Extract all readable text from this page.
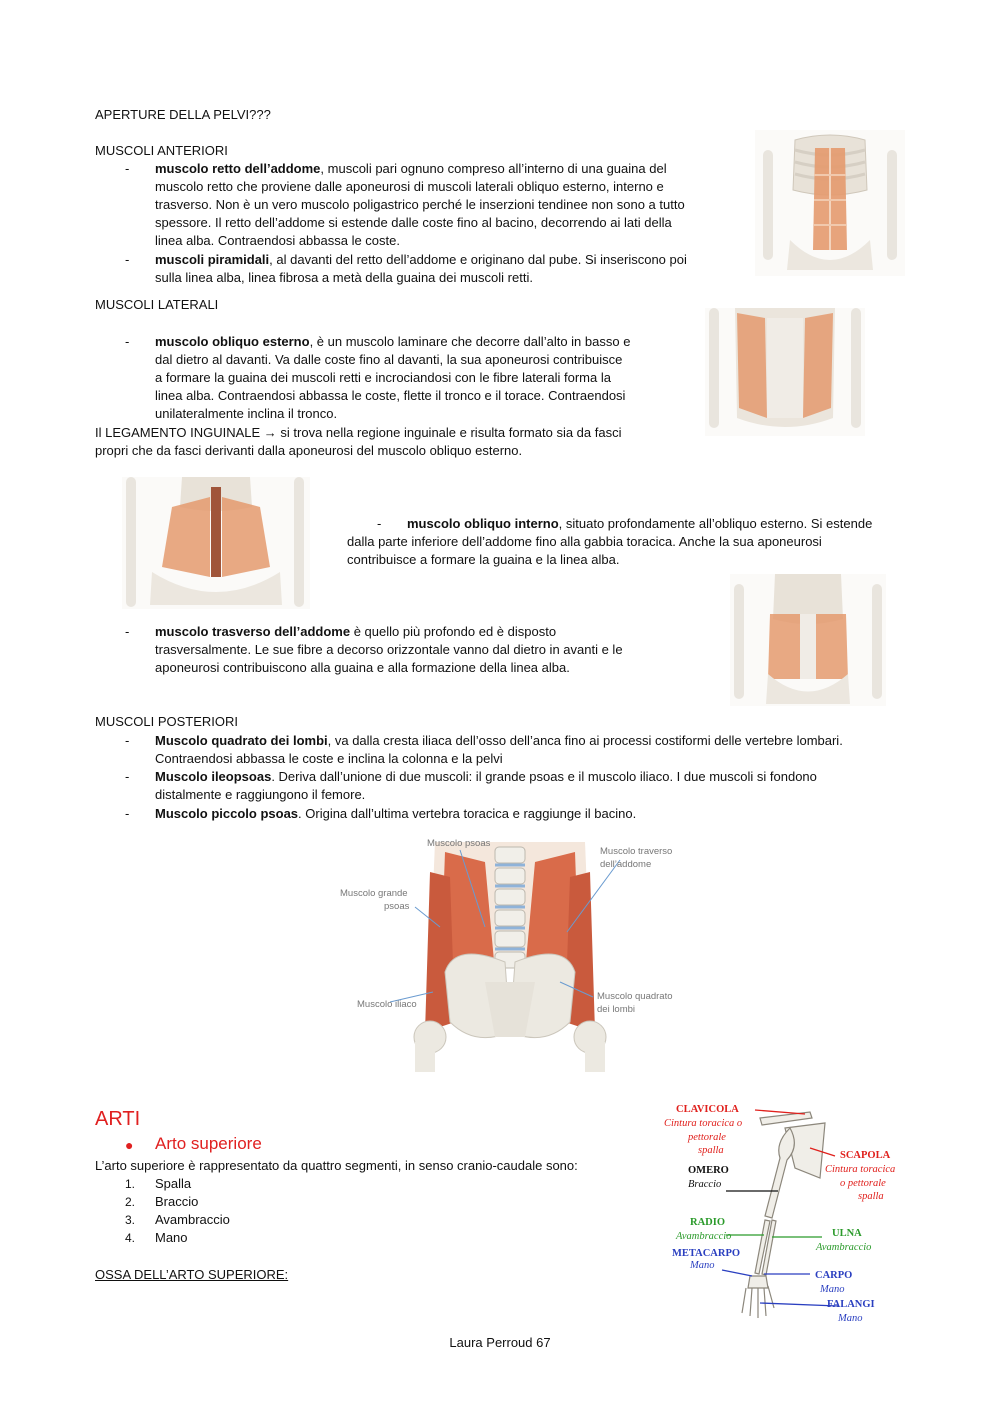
APERTURE DELLA PELVI???

MUSCOLI ANTERIORI

- muscolo retto dell’addome, muscoli pari ognuno compreso all’interno di una guaina del
muscolo retto che proviene dalle aponeurosi di muscoli laterali obliquo esterno, interno e
trasverso. Non è un vero muscolo poligastrico perché le inserzioni tendinee non sono a tutto
spessore. Il retto dell’addome si estende dalle coste fino al bacino, decorrendo ai lati della
linea alba. Contraendosi abbassa le coste.
- muscoli piramidali, al davanti del retto dell’addome e originano dal pube. Si inseriscono poi
sulla linea alba, linea fibrosa a metà della guaina dei muscoli retti.

MUSCOLI LATERALI

- muscolo obliquo esterno, è un muscolo laminare che decorre dall’alto in basso e
dal dietro al davanti. Va dalle coste fino al davanti, la sua aponeurosi contribuisce
a formare la guaina dei muscoli retti e incrociandosi con le fibre laterali forma la
linea alba. Contraendosi abbassa le coste, flette il tronco e il torace. Contraendosi
unilateralmente inclina il tronco.
Il LEGAMENTO INGUINALE → si trova nella regione inguinale e risulta formato sia da fasci
propri che da fasci derivanti dalla aponeurosi del muscolo obliquo esterno.
-	muscolo obliquo interno, situato profondamente all’obliquo esterno. Si estende
dalla parte inferiore dell’addome fino alla gabbia toracica. Anche la sua aponeurosi
contribuisce a formare la guaina e la linea alba.
- muscolo trasverso dell’addome è quello più profondo ed è disposto
trasversalmente. Le sue fibre a decorso orizzontale vanno dal dietro in avanti e le
aponeurosi contribuiscono alla guaina e alla formazione della linea alba.

MUSCOLI POSTERIORI

- Muscolo quadrato dei lombi, va dalla cresta iliaca dell’osso dell’anca fino ai processi costiformi delle vertebre lombari.
Contraendosi abbassa le coste e inclina la colonna e la pelvi
- Muscolo ileopsoas. Deriva dall’unione di due muscoli: il grande psoas e il muscolo iliaco. I due muscoli si fondono
distalmente e raggiungono il femore.
- Muscolo piccolo psoas. Origina dall’ultima vertebra toracica e raggiunge il bacino.
Muscolo psoas
Muscolo traverso
dell’addome
Muscolo grande
psoas
Muscolo iliaco
Muscolo quadrato
dei lombi
ARTI
● Arto superiore

L’arto superiore è rappresentato da quattro segmenti, in senso cranio-caudale sono:

1. Spalla
2. Braccio
3. Avambraccio
4. Mano

OSSA DELL’ARTO SUPERIORE:

CLAVICOLA
Cintura toracica o
pettorale
spalla	SCAPOLA
Cintura toracica
o pettorale
spalla
OMERO
Braccio
RADIO
Avambraccio	ULNA
Avambraccio
METACARPO
Mano
CARPO
Mano
FALANGI
Mano

Laura Perroud 67
